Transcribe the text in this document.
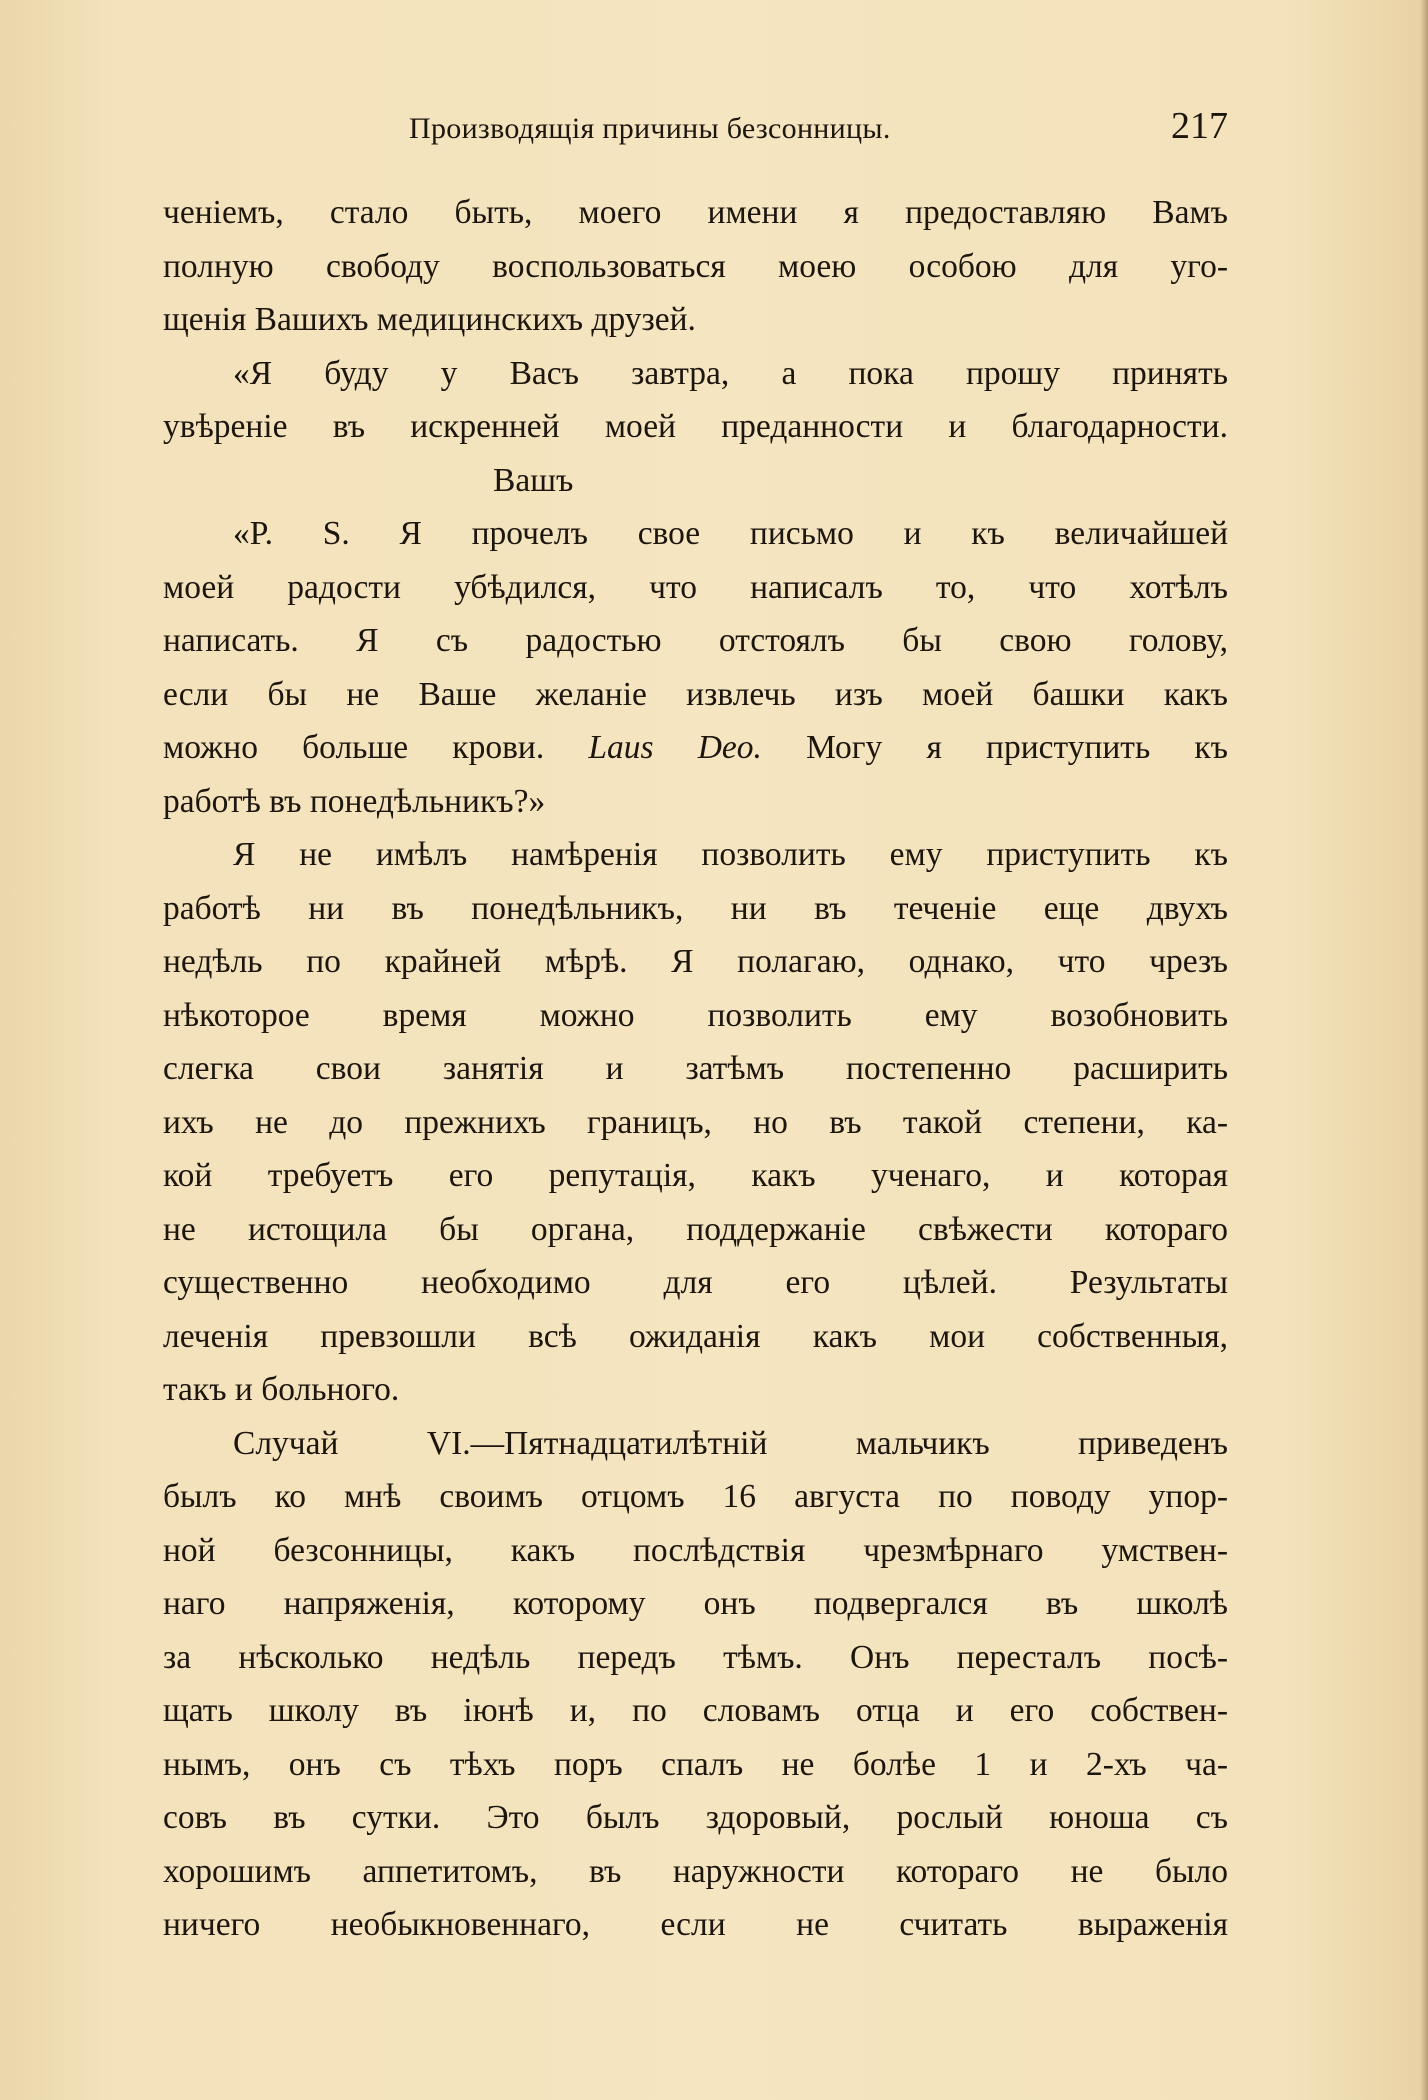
Производящія причины безсонницы.	217
ченіемъ, стало быть, моего имени я предоставляю Вамъ
полную свободу воспользоваться моею особою для уго-
щенія Вашихъ медицинскихъ друзей.
«Я буду у Васъ завтра, а пока прошу принять
увѣреніе въ искренней моей преданности и благодарности.
Вашъ
«P. S. Я прочелъ свое письмо и къ величайшей
моей радости убѣдился, что написалъ то, что хотѣлъ
написать. Я съ радостью отстоялъ бы свою голову,
если бы не Ваше желаніе извлечь изъ моей башки какъ
можно больше крови. Laus Deo. Могу я приступить къ
работѣ въ понедѣльникъ?»
Я не имѣлъ намѣренія позволить ему приступить къ
работѣ ни въ понедѣльникъ, ни въ теченіе еще двухъ
недѣль по крайней мѣрѣ. Я полагаю, однако, что чрезъ
нѣкоторое время можно позволить ему возобновить
слегка свои занятія и затѣмъ постепенно расширить
ихъ не до прежнихъ границъ, но въ такой степени, ка-
кой требуетъ его репутація, какъ ученаго, и которая
не истощила бы органа, поддержаніе свѣжести котораго
существенно необходимо для его цѣлей. Результаты
леченія превзошли всѣ ожиданія какъ мои собственныя,
такъ и больного.
Случай VI.—Пятнадцатилѣтній мальчикъ приведенъ
былъ ко мнѣ своимъ отцомъ 16 августа по поводу упор-
ной безсонницы, какъ послѣдствія чрезмѣрнаго умствен-
наго напряженія, которому онъ подвергался въ школѣ
за нѣсколько недѣль передъ тѣмъ. Онъ пересталъ посѣ-
щать школу въ іюнѣ и, по словамъ отца и его собствен-
нымъ, онъ съ тѣхъ поръ спалъ не болѣе 1 и 2-хъ ча-
совъ въ сутки. Это былъ здоровый, рослый юноша съ
хорошимъ аппетитомъ, въ наружности котораго не было
ничего необыкновеннаго, если не считать выраженія
